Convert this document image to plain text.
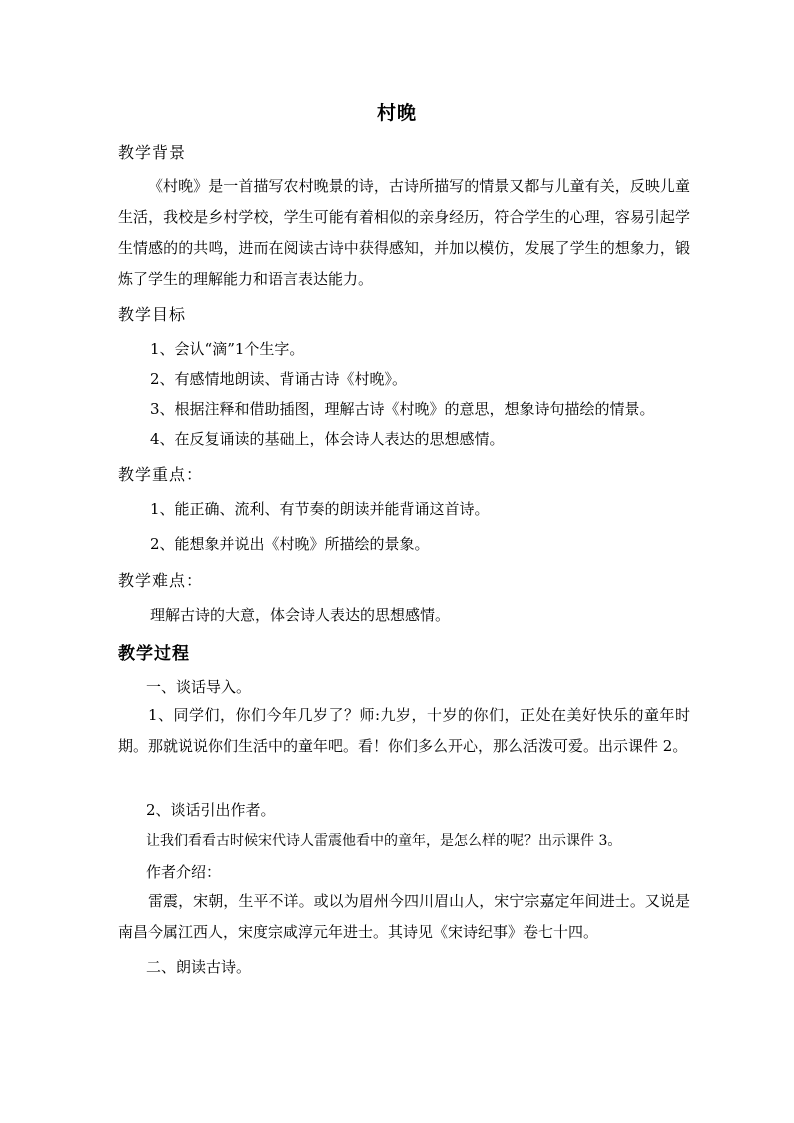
村晚
教学背景
《村晚》是一首描写农村晚景的诗，古诗所描写的情景又都与儿童有关，反映儿童生活，我校是乡村学校，学生可能有着相似的亲身经历，符合学生的心理，容易引起学生情感的的共鸣，进而在阅读古诗中获得感知，并加以模仿，发展了学生的想象力，锻炼了学生的理解能力和语言表达能力。
教学目标
1、会认“滴”1个生字。
2、有感情地朗读、背诵古诗《村晚》。
3、根据注释和借助插图，理解古诗《村晚》的意思，想象诗句描绘的情景。
4、在反复诵读的基础上，体会诗人表达的思想感情。
教学重点：
1、能正确、流利、有节奏的朗读并能背诵这首诗。
2、能想象并说出《村晚》所描绘的景象。
教学难点：
理解古诗的大意，体会诗人表达的思想感情。
教学过程
一、谈话导入。
1、同学们，你们今年几岁了？师:九岁，十岁的你们，正处在美好快乐的童年时期。那就说说你们生活中的童年吧。看！你们多么开心，那么活泼可爱。出示课件 2。
2、谈话引出作者。
让我们看看古时候宋代诗人雷震他看中的童年，是怎么样的呢？出示课件 3。
作者介绍：
雷震，宋朝，生平不详。或以为眉州今四川眉山人，宋宁宗嘉定年间进士。又说是南昌今属江西人，宋度宗咸淳元年进士。其诗见《宋诗纪事》卷七十四。
二、朗读古诗。
